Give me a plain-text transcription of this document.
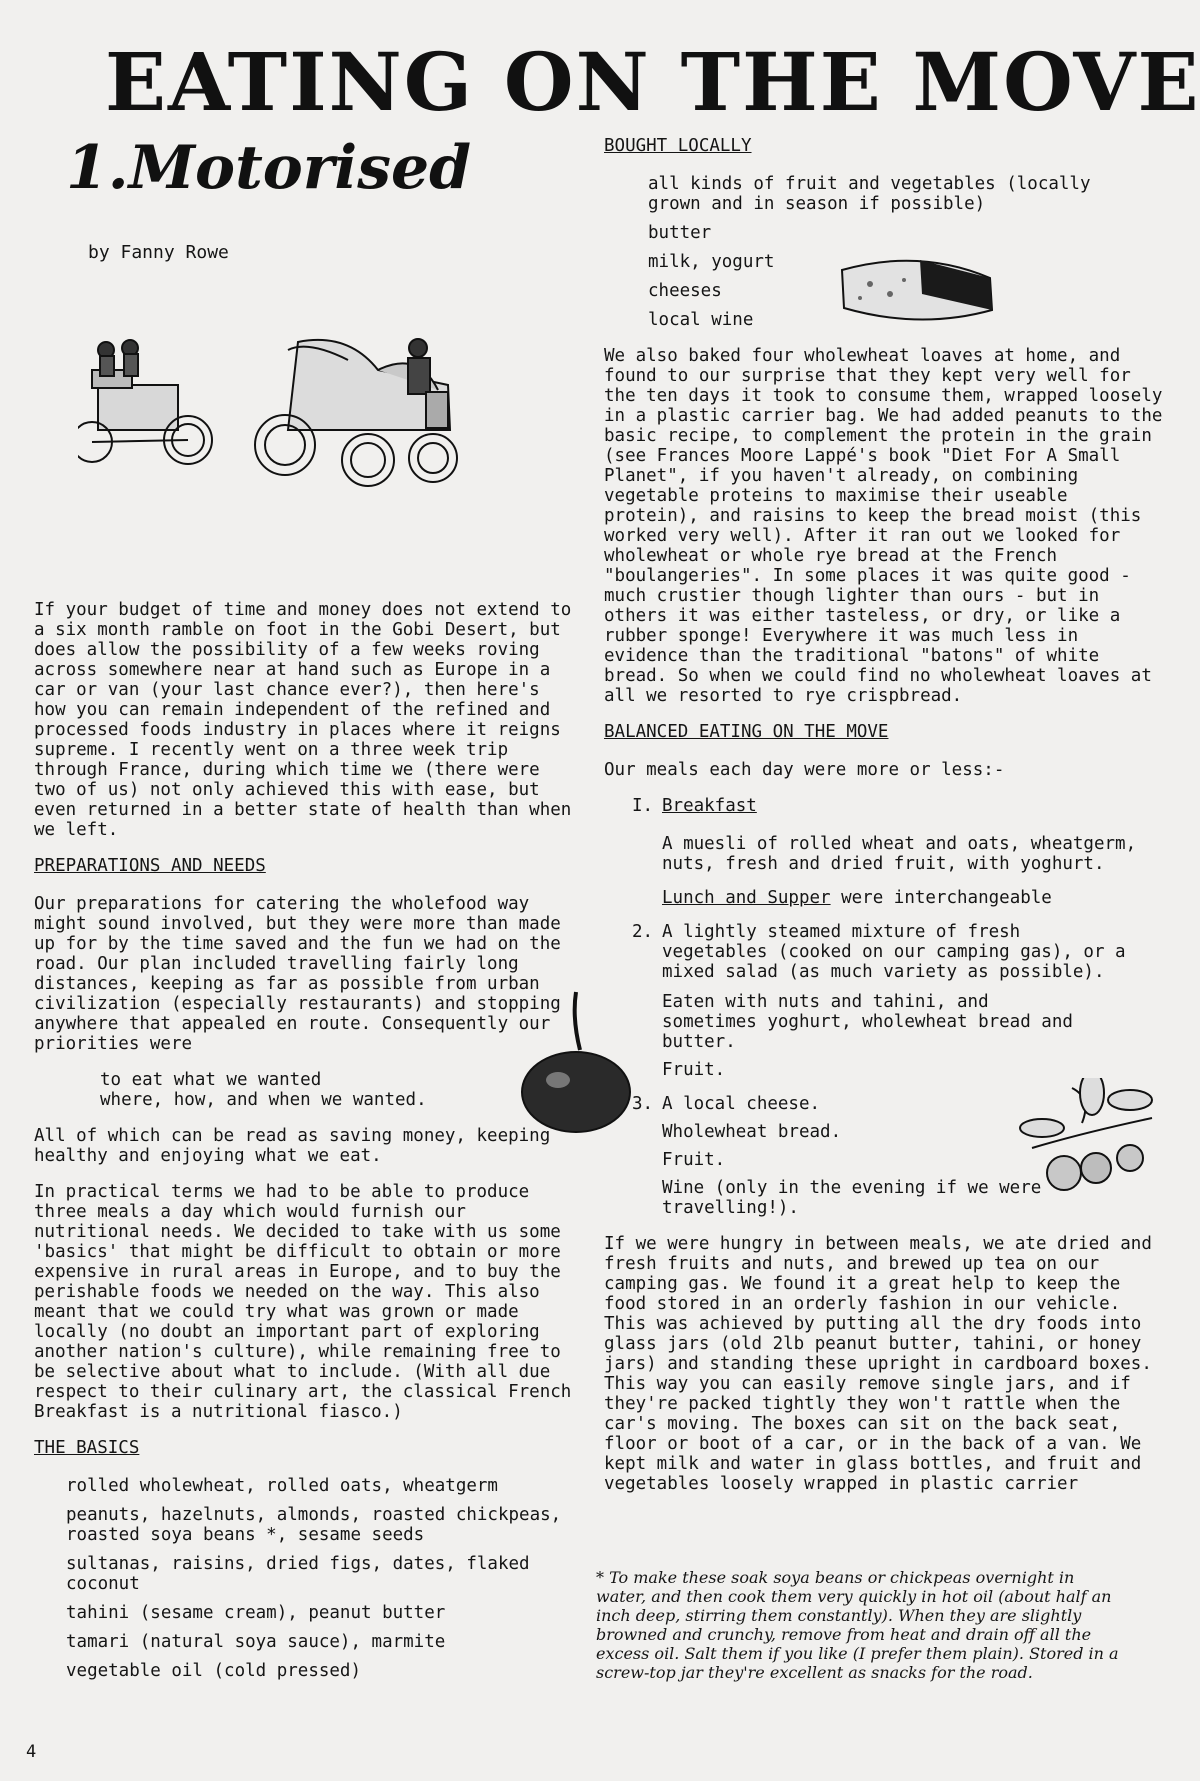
EATING ON THE MOVE
1.Motorised
by Fanny Rowe

If your budget of time and money does not extend to a six month ramble on foot in the Gobi Desert, but does allow the possibility of a few weeks roving across somewhere near at hand such as Europe in a car or van (your last chance ever?), then here's how you can remain independent of the refined and processed foods industry in places where it reigns supreme. I recently went on a three week trip through France, during which time we (there were two of us) not only achieved this with ease, but even returned in a better state of health than when we left.

PREPARATIONS AND NEEDS

Our preparations for catering the wholefood way might sound involved, but they were more than made up for by the time saved and the fun we had on the road. Our plan included travelling fairly long distances, keeping as far as possible from urban civilization (especially restaurants) and stopping anywhere that appealed en route. Consequently our priorities were

to eat what we wanted
where, how, and when we wanted.

All of which can be read as saving money, keeping healthy and enjoying what we eat.

In practical terms we had to be able to produce three meals a day which would furnish our nutritional needs. We decided to take with us some 'basics' that might be difficult to obtain or more expensive in rural areas in Europe, and to buy the perishable foods we needed on the way. This also meant that we could try what was grown or made locally (no doubt an important part of exploring another nation's culture), while remaining free to be selective about what to include. (With all due respect to their culinary art, the classical French Breakfast is a nutritional fiasco.)

THE BASICS

rolled wholewheat, rolled oats, wheatgerm
peanuts, hazelnuts, almonds, roasted chickpeas, roasted soya beans *, sesame seeds
sultanas, raisins, dried figs, dates, flaked coconut
tahini (sesame cream), peanut butter
tamari (natural soya sauce), marmite
vegetable oil (cold pressed)

BOUGHT LOCALLY

all kinds of fruit and vegetables (locally grown and in season if possible)
butter
milk, yogurt
cheeses
local wine

We also baked four wholewheat loaves at home, and found to our surprise that they kept very well for the ten days it took to consume them, wrapped loosely in a plastic carrier bag. We had added peanuts to the basic recipe, to complement the protein in the grain (see Frances Moore Lappé's book "Diet For A Small Planet", if you haven't already, on combining vegetable proteins to maximise their useable protein), and raisins to keep the bread moist (this worked very well). After it ran out we looked for wholewheat or whole rye bread at the French "boulangeries". In some places it was quite good - much crustier though lighter than ours - but in others it was either tasteless, or dry, or like a rubber sponge! Everywhere it was much less in evidence than the traditional "batons" of white bread. So when we could find no wholewheat loaves at all we resorted to rye crispbread.

BALANCED EATING ON THE MOVE

Our meals each day were more or less:-

I. Breakfast
A muesli of rolled wheat and oats, wheatgerm, nuts, fresh and dried fruit, with yoghurt.
Lunch and Supper were interchangeable
2. A lightly steamed mixture of fresh vegetables (cooked on our camping gas), or a mixed salad (as much variety as possible).
Eaten with nuts and tahini, and sometimes yoghurt, wholewheat bread and butter.
Fruit.
3. A local cheese.
Wholewheat bread.
Fruit.
Wine (only in the evening if we were travelling!).

If we were hungry in between meals, we ate dried and fresh fruits and nuts, and brewed up tea on our camping gas. We found it a great help to keep the food stored in an orderly fashion in our vehicle. This was achieved by putting all the dry foods into glass jars (old 2lb peanut butter, tahini, or honey jars) and standing these upright in cardboard boxes. This way you can easily remove single jars, and if they're packed tightly they won't rattle when the car's moving. The boxes can sit on the back seat, floor or boot of a car, or in the back of a van. We kept milk and water in glass bottles, and fruit and vegetables loosely wrapped in plastic carrier

* To make these soak soya beans or chickpeas overnight in water, and then cook them very quickly in hot oil (about half an inch deep, stirring them constantly). When they are slightly browned and crunchy, remove from heat and drain off all the excess oil. Salt them if you like (I prefer them plain). Stored in a screw-top jar they're excellent as snacks for the road.
4
